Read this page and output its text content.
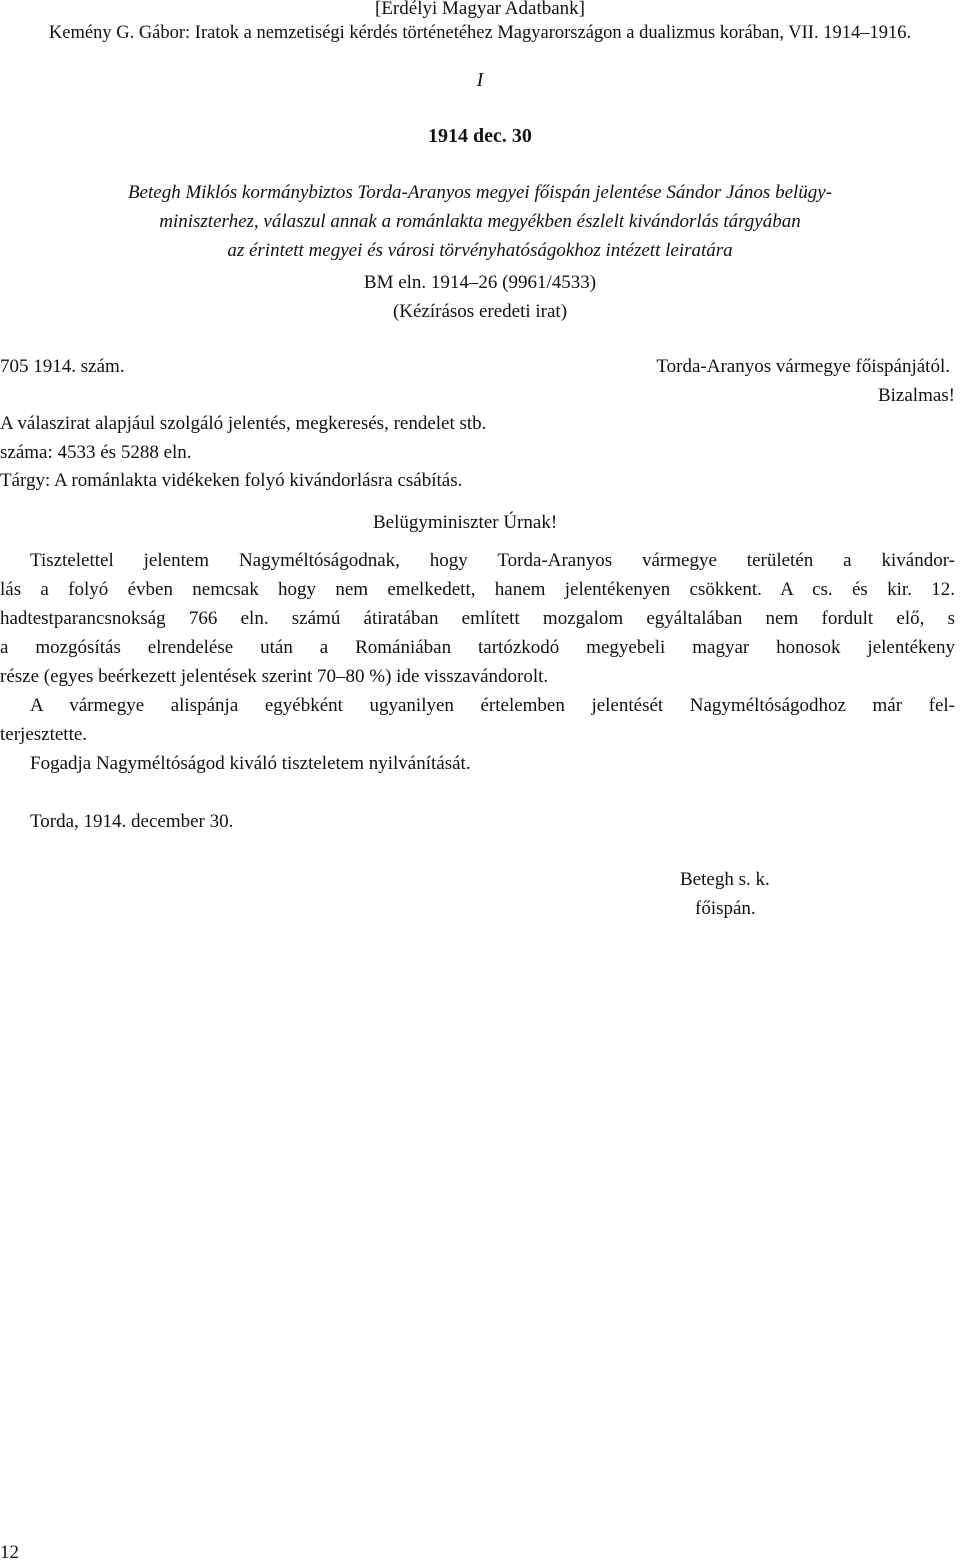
[Erdélyi Magyar Adatbank]
Kemény G. Gábor: Iratok a nemzetiségi kérdés történetéhez Magyarországon a dualizmus korában, VII. 1914–1916.
I
1914 dec. 30
Betegh Miklós kormánybiztos Torda-Aranyos megyei főispán jelentése Sándor János belügy-
miniszterhez, válaszul annak a románlakta megyékben észlelt kivándorlás tárgyában
az érintett megyei és városi törvényhatóságokhoz intézett leiratára
BM eln. 1914–26 (9961/4533)
(Kézírásos eredeti irat)
705 1914. szám.	Torda-Aranyos vármegye főispánjától.
Bizalmas!
A válaszirat alapjául szolgáló jelentés, megkeresés, rendelet stb.
száma: 4533 és 5288 eln.
Tárgy: A románlakta vidékeken folyó kivándorlásra csábítás.
Belügyminiszter Úrnak!
Tisztelettel jelentem Nagyméltóságodnak, hogy Torda-Aranyos vármegye területén a kivándor-
lás a folyó évben nemcsak hogy nem emelkedett, hanem jelentékenyen csökkent. A cs. és kir. 12.
hadtestparancsnokság 766 eln. számú átiratában említett mozgalom egyáltalában nem fordult elő, s
a mozgósítás elrendelése után a Romániában tartózkodó megyebeli magyar honosok jelentékeny
része (egyes beérkezett jelentések szerint 70–80 %) ide visszavándorolt.
A vármegye alispánja egyébként ugyanilyen értelemben jelentését Nagyméltóságodhoz már fel-
terjesztette.
Fogadja Nagyméltóságod kiváló tiszteletem nyilvánítását.
Torda, 1914. december 30.
Betegh s. k.
főispán.
12
